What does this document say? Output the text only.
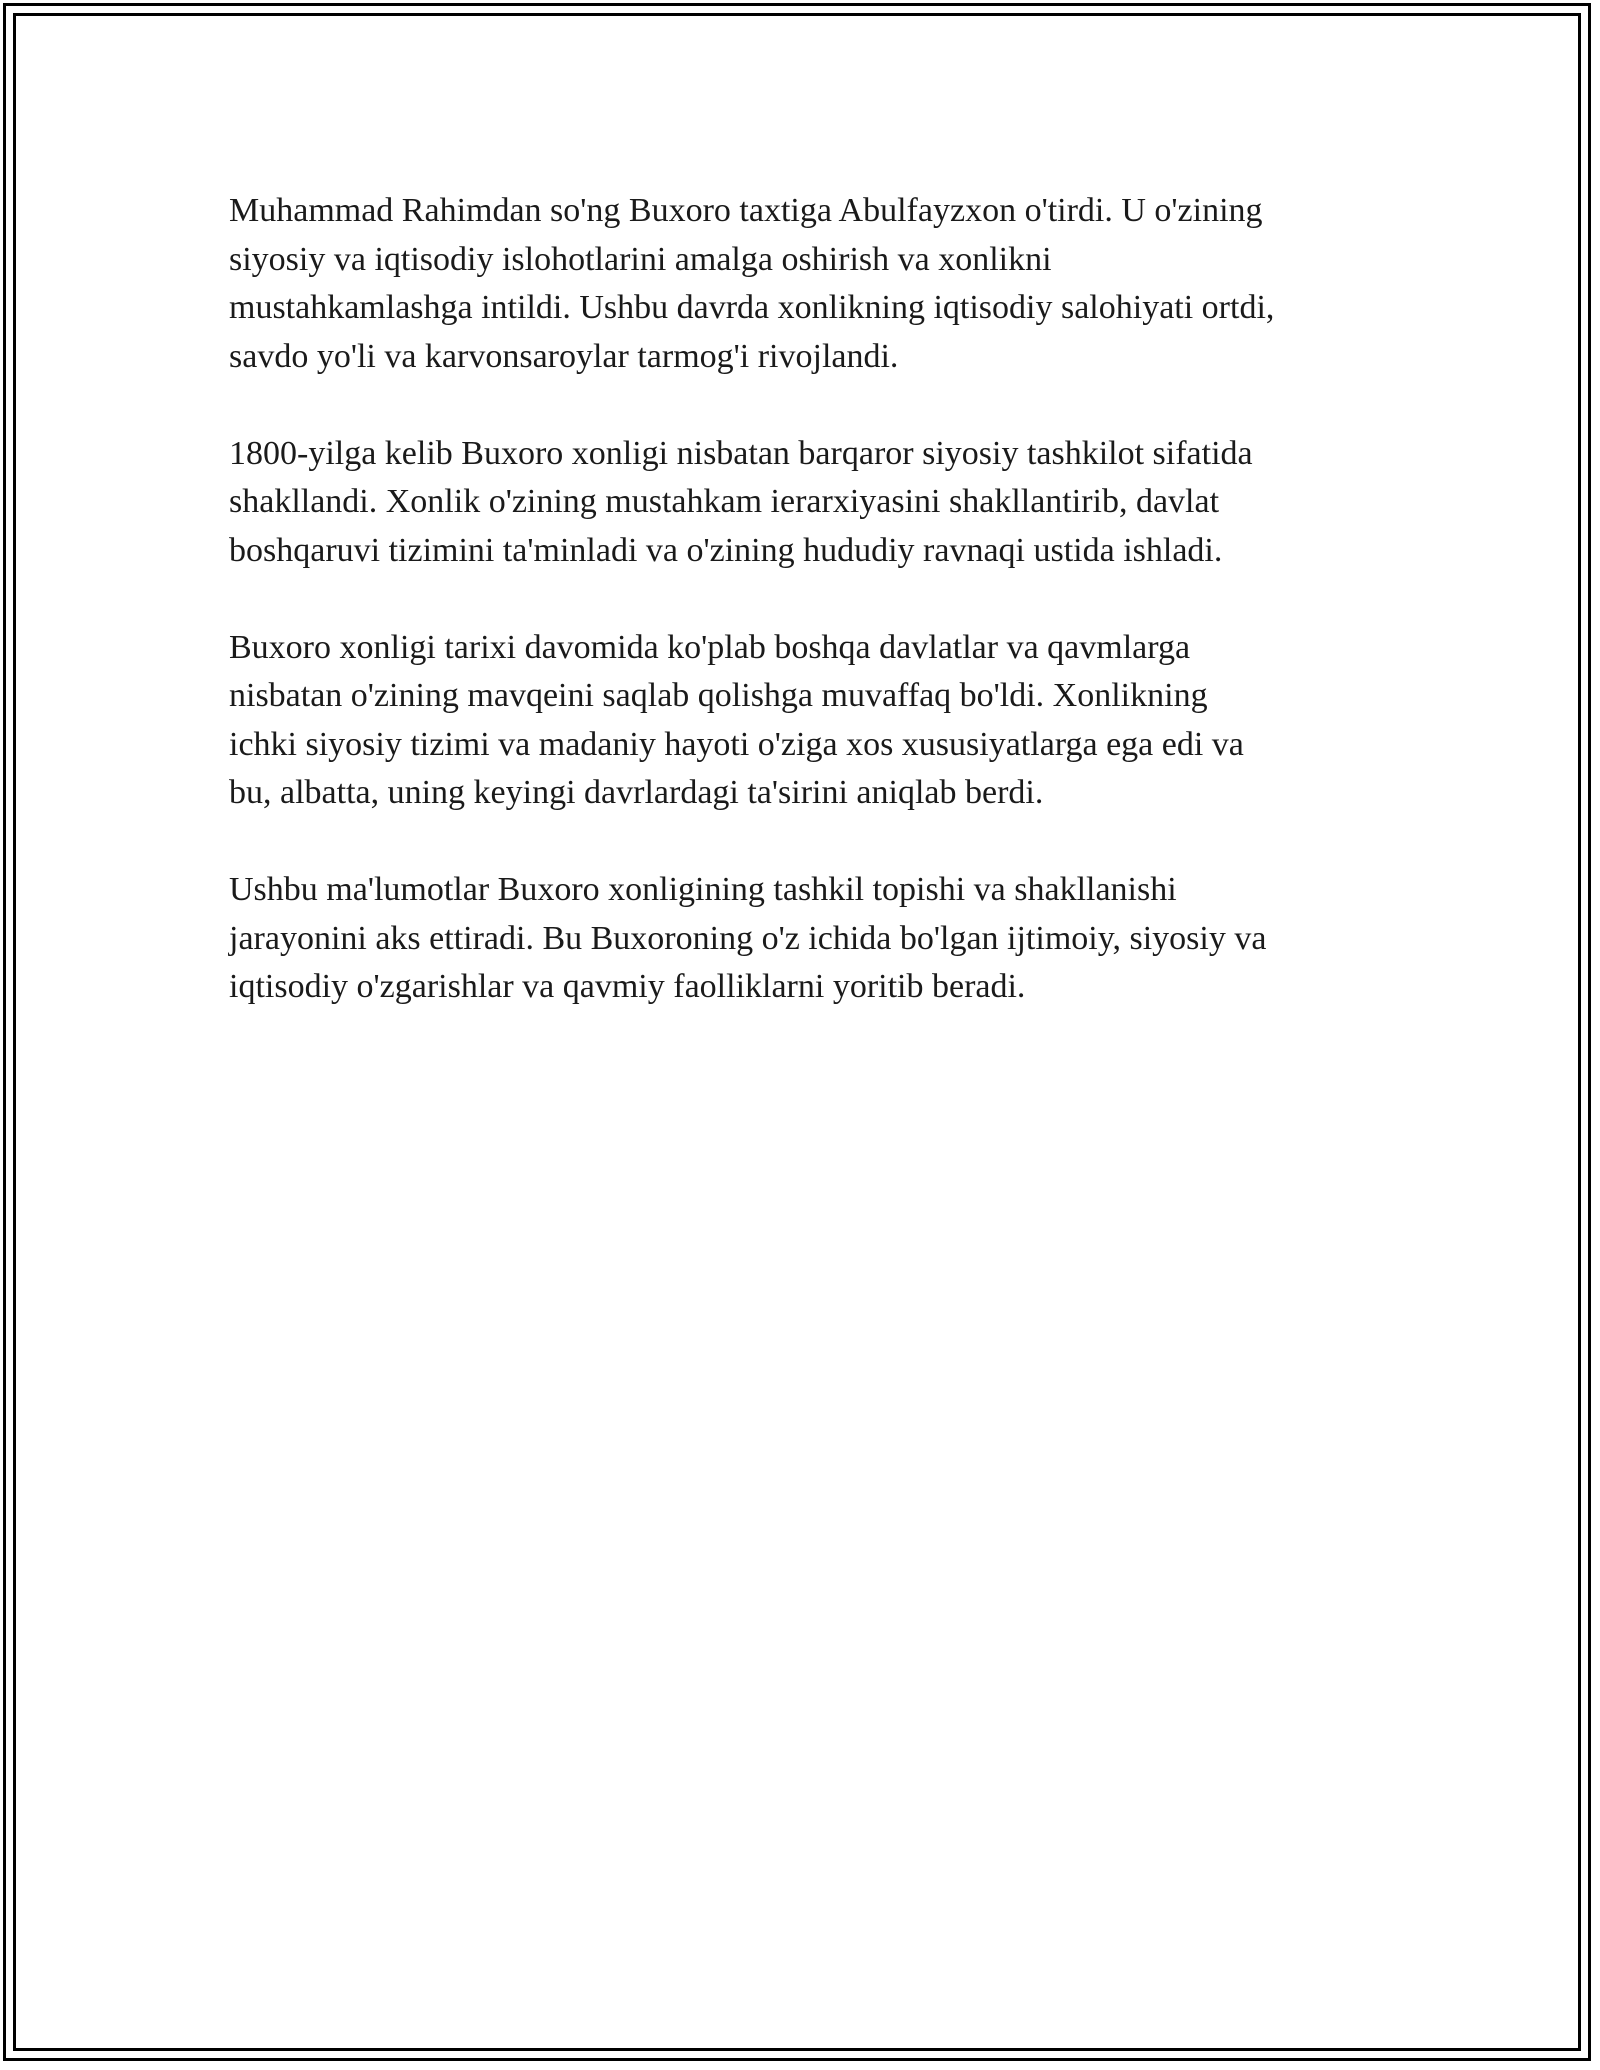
Muhammad Rahimdan so'ng Buxoro taxtiga Abulfayzxon o'tirdi. U o'zining
siyosiy va iqtisodiy islohotlarini amalga oshirish va xonlikni
mustahkamlashga intildi. Ushbu davrda xonlikning iqtisodiy salohiyati ortdi,
savdo yo'li va karvonsaroylar tarmog'i rivojlandi.

1800-yilga kelib Buxoro xonligi nisbatan barqaror siyosiy tashkilot sifatida
shakllandi. Xonlik o'zining mustahkam ierarxiyasini shakllantirib, davlat
boshqaruvi tizimini ta'minladi va o'zining hududiy ravnaqi ustida ishladi.

Buxoro xonligi tarixi davomida ko'plab boshqa davlatlar va qavmlarga
nisbatan o'zining mavqeini saqlab qolishga muvaffaq bo'ldi. Xonlikning
ichki siyosiy tizimi va madaniy hayoti o'ziga xos xususiyatlarga ega edi va
bu, albatta, uning keyingi davrlardagi ta'sirini aniqlab berdi.

Ushbu ma'lumotlar Buxoro xonligining tashkil topishi va shakllanishi
jarayonini aks ettiradi. Bu Buxoroning o'z ichida bo'lgan ijtimoiy, siyosiy va
iqtisodiy o'zgarishlar va qavmiy faolliklarni yoritib beradi.
